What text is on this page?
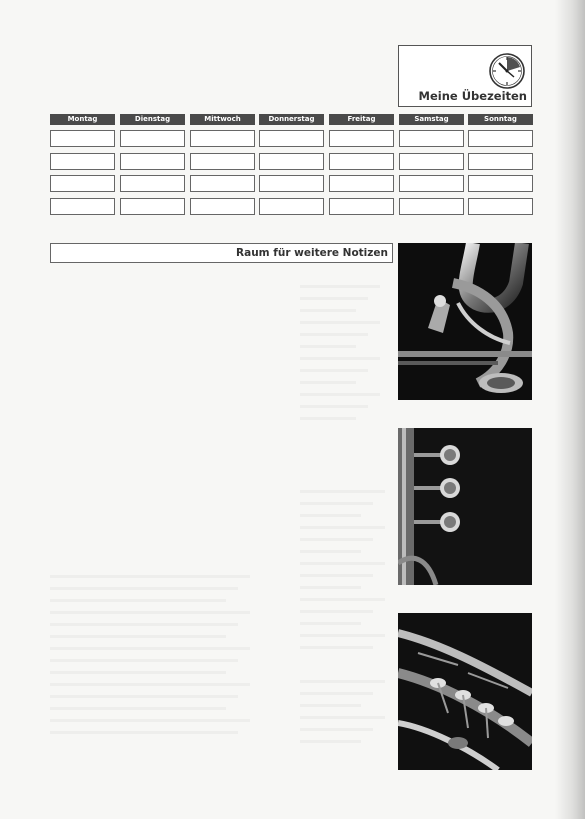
Meine Übezeiten
Montag	Dienstag	Mittwoch	Donnerstag	Freitag	Samstag	Sonntag
Raum für weitere Notizen
